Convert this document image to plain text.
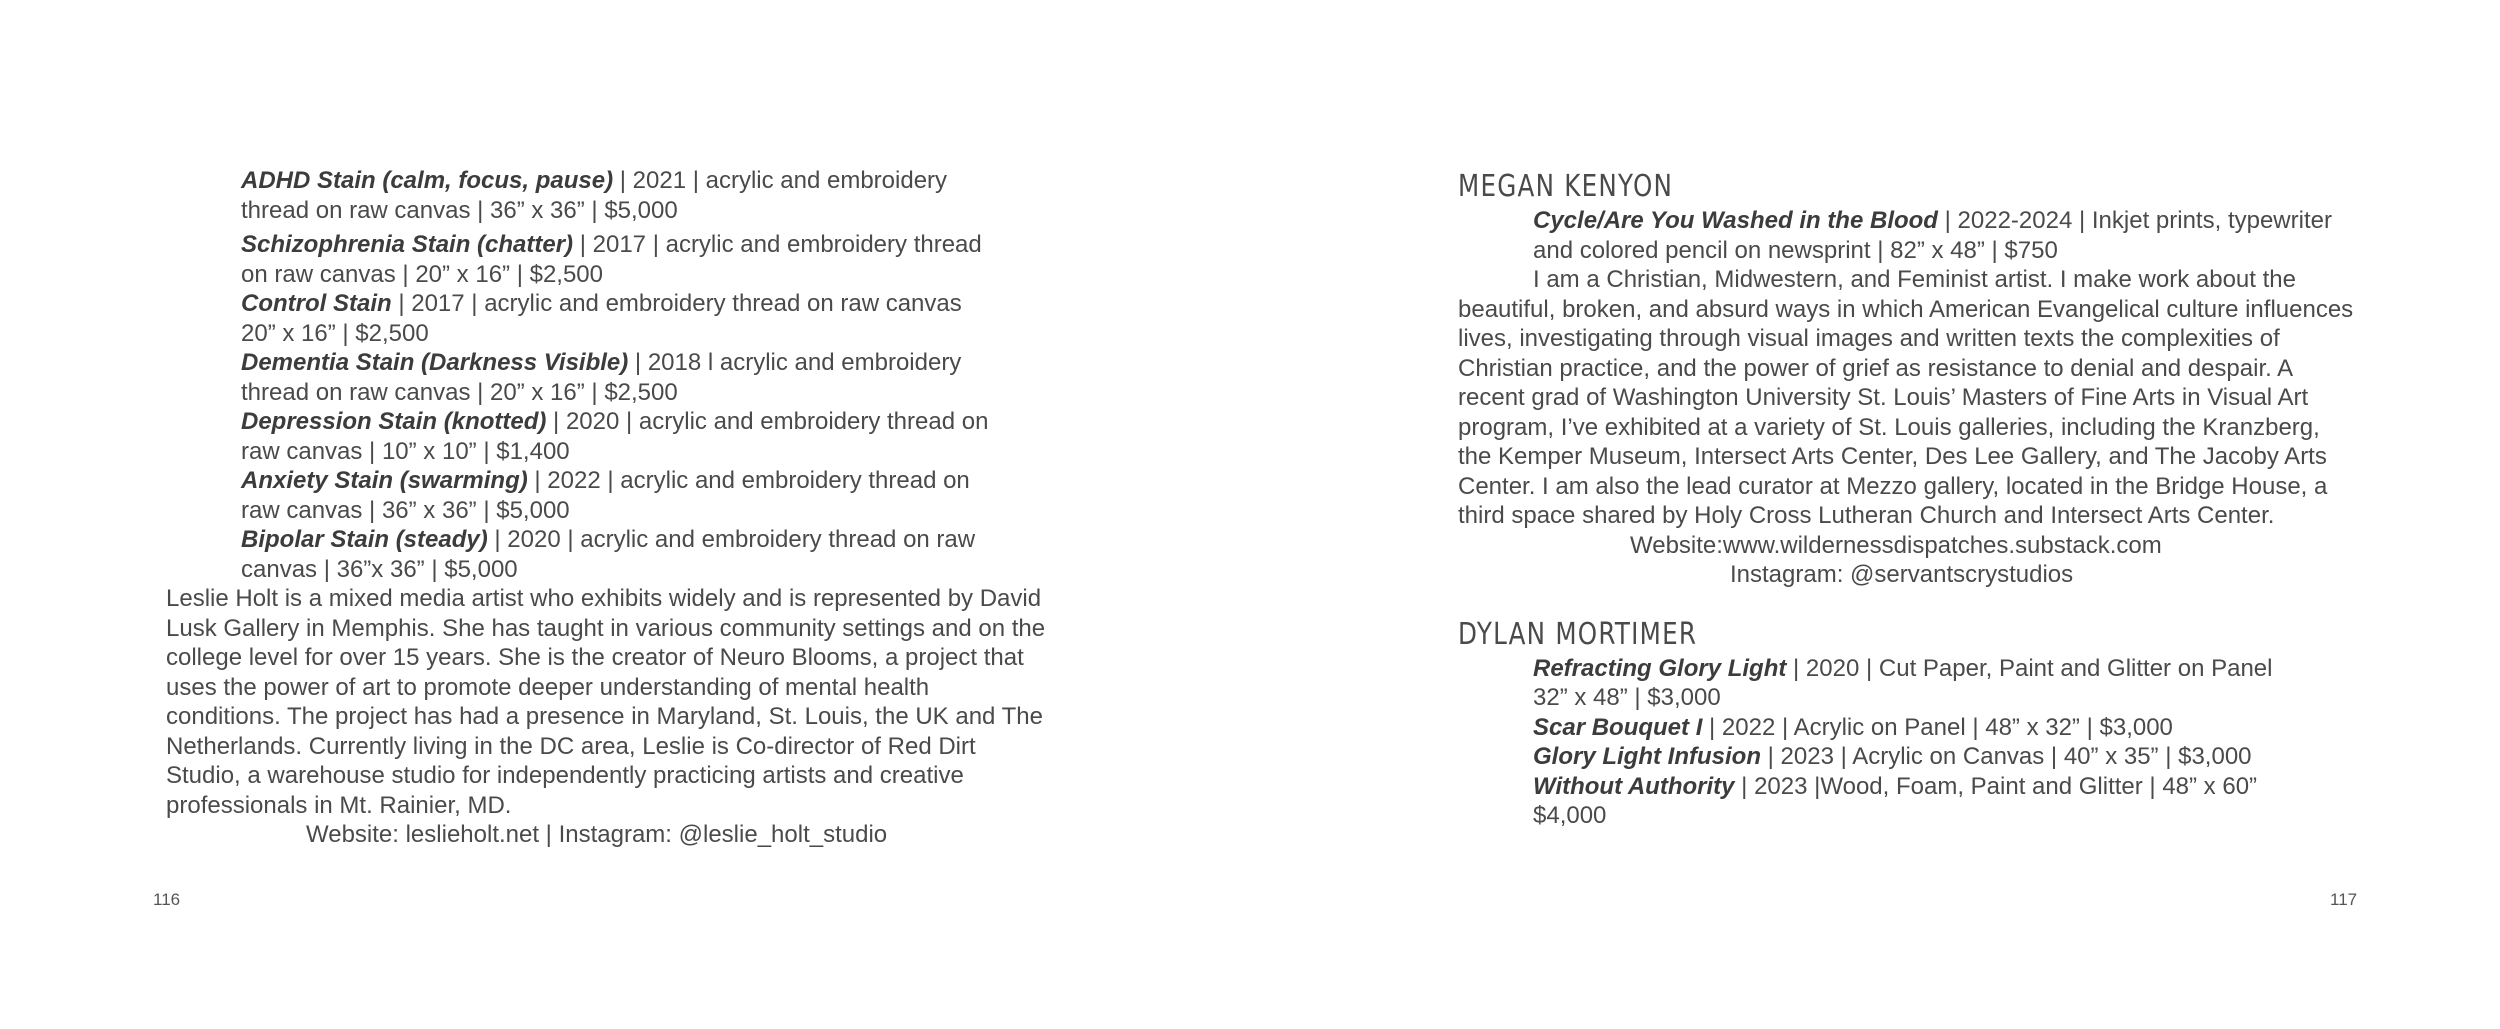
ADHD Stain (calm, focus, pause) | 2021 | acrylic and embroidery thread on raw canvas | 36” x 36” | $5,000

Schizophrenia Stain (chatter) | 2017 | acrylic and embroidery thread on raw canvas | 20” x 16” | $2,500

Control Stain | 2017 | acrylic and embroidery thread on raw canvas 20” x 16” | $2,500

Dementia Stain (Darkness Visible) | 2018 l acrylic and embroidery thread on raw canvas | 20” x 16” | $2,500

Depression Stain (knotted) | 2020 | acrylic and embroidery thread on raw canvas | 10” x 10” | $1,400

Anxiety Stain (swarming) | 2022 | acrylic and embroidery thread on raw canvas | 36” x 36” | $5,000

Bipolar Stain (steady) | 2020 | acrylic and embroidery thread on raw canvas | 36”x 36” | $5,000

Leslie Holt is a mixed media artist who exhibits widely and is represented by David Lusk Gallery in Memphis. She has taught in various community settings and on the college level for over 15 years. She is the creator of Neuro Blooms, a project that uses the power of art to promote deeper understanding of mental health conditions. The project has had a presence in Maryland, St. Louis, the UK and The Netherlands. Currently living in the DC area, Leslie is Co-director of Red Dirt Studio, a warehouse studio for independently practicing artists and creative professionals in Mt. Rainier, MD.

Website: leslieholt.net | Instagram: @leslie_holt_studio

116
MEGAN KENYON

Cycle/Are You Washed in the Blood | 2022-2024 | Inkjet prints, typewriter and colored pencil on newsprint | 82” x 48” | $750

I am a Christian, Midwestern, and Feminist artist. I make work about the beautiful, broken, and absurd ways in which American Evangelical culture influences lives, investigating through visual images and written texts the complexities of Christian practice, and the power of grief as resistance to denial and despair. A recent grad of Washington University St. Louis’ Masters of Fine Arts in Visual Art program, I’ve exhibited at a variety of St. Louis galleries, including the Kranzberg, the Kemper Museum, Intersect Arts Center, Des Lee Gallery, and The Jacoby Arts Center. I am also the lead curator at Mezzo gallery, located in the Bridge House, a third space shared by Holy Cross Lutheran Church and Intersect Arts Center.

Website:www.wildernessdispatches.substack.com

Instagram: @servantscrystudios

DYLAN MORTIMER

Refracting Glory Light | 2020 | Cut Paper, Paint and Glitter on Panel 32” x 48” | $3,000

Scar Bouquet I | 2022 | Acrylic on Panel | 48” x 32” | $3,000

Glory Light Infusion | 2023 | Acrylic on Canvas | 40” x 35” | $3,000

Without Authority | 2023 |Wood, Foam, Paint and Glitter | 48” x 60” $4,000

117
